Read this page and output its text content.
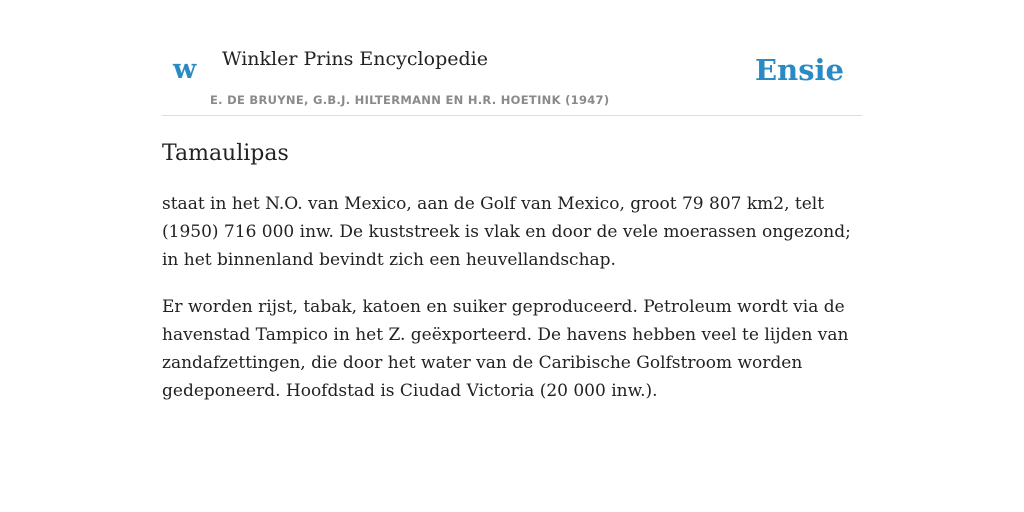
w Winkler Prins Encyclopedie
E. DE BRUYNE, G.B.J. HILTERMANN EN H.R. HOETINK (1947)
Ensie
Tamaulipas

staat in het N.O. van Mexico, aan de Golf van Mexico, groot 79 807 km2, telt (1950) 716 000 inw. De kuststreek is vlak en door de vele moerassen ongezond; in het binnenland bevindt zich een heuvellandschap.

Er worden rijst, tabak, katoen en suiker geproduceerd. Petroleum wordt via de havenstad Tampico in het Z. geëxporteerd. De havens hebben veel te lijden van zandafzettingen, die door het water van de Caribische Golfstroom worden gedeponeerd. Hoofdstad is Ciudad Victoria (20 000 inw.).
